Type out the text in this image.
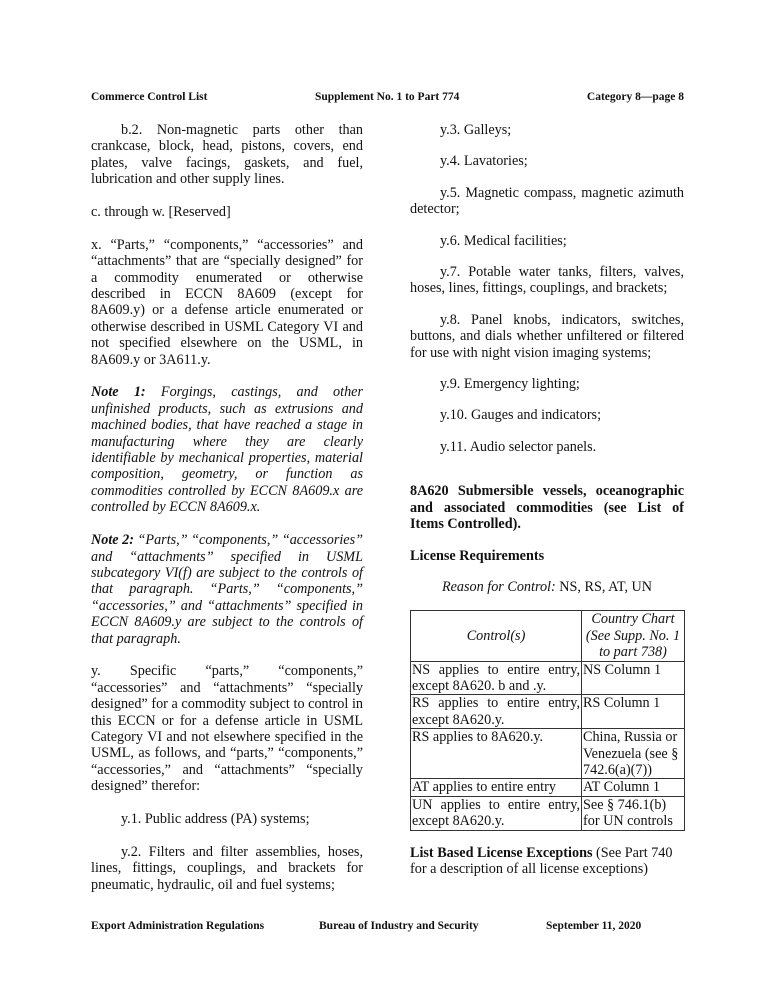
Commerce Control List	Supplement No. 1 to Part 774	Category 8—page 8

b.2. Non-magnetic parts other than crankcase, block, head, pistons, covers, end plates, valve facings, gaskets, and fuel, lubrication and other supply lines.

c. through w. [Reserved]

x. “Parts,” “components,” “accessories” and “attachments” that are “specially designed” for a commodity enumerated or otherwise described in ECCN 8A609 (except for 8A609.y) or a defense article enumerated or otherwise described in USML Category VI and not specified elsewhere on the USML, in 8A609.y or 3A611.y.

Note 1: Forgings, castings, and other unfinished products, such as extrusions and machined bodies, that have reached a stage in manufacturing where they are clearly identifiable by mechanical properties, material composition, geometry, or function as commodities controlled by ECCN 8A609.x are controlled by ECCN 8A609.x.

Note 2: “Parts,” “components,” “accessories” and “attachments” specified in USML subcategory VI(f) are subject to the controls of that paragraph. “Parts,” “components,” “accessories,” and “attachments” specified in ECCN 8A609.y are subject to the controls of that paragraph.

y. Specific “parts,” “components,” “accessories” and “attachments” “specially designed” for a commodity subject to control in this ECCN or for a defense article in USML Category VI and not elsewhere specified in the USML, as follows, and “parts,” “components,” “accessories,” and “attachments” “specially designed” therefor:

y.1. Public address (PA) systems;

y.2. Filters and filter assemblies, hoses, lines, fittings, couplings, and brackets for pneumatic, hydraulic, oil and fuel systems;

y.3. Galleys;

y.4. Lavatories;

y.5. Magnetic compass, magnetic azimuth detector;

y.6. Medical facilities;

y.7. Potable water tanks, filters, valves, hoses, lines, fittings, couplings, and brackets;

y.8. Panel knobs, indicators, switches, buttons, and dials whether unfiltered or filtered for use with night vision imaging systems;

y.9. Emergency lighting;

y.10. Gauges and indicators;

y.11. Audio selector panels.

8A620 Submersible vessels, oceanographic and associated commodities (see List of Items Controlled).

License Requirements

Reason for Control: NS, RS, AT, UN

Control(s)	Country Chart (See Supp. No. 1 to part 738)
NS applies to entire entry, except 8A620. b and .y.	NS Column 1
RS applies to entire entry, except 8A620.y.	RS Column 1
RS applies to 8A620.y.	China, Russia or Venezuela (see § 742.6(a)(7))
AT applies to entire entry	AT Column 1
UN applies to entire entry, except 8A620.y.	See § 746.1(b) for UN controls

List Based License Exceptions (See Part 740 for a description of all license exceptions)

Export Administration Regulations	Bureau of Industry and Security	September 11, 2020
